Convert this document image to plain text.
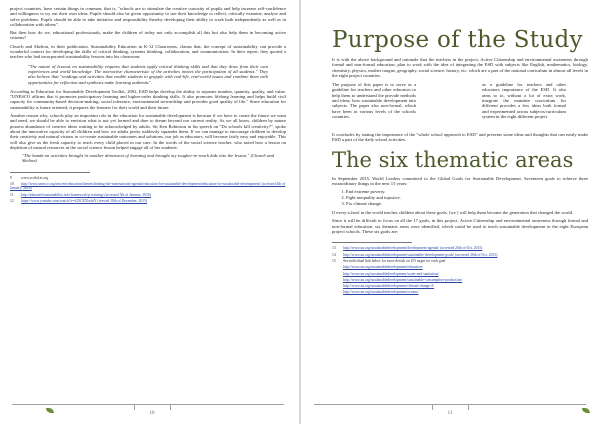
project countries, have certain things in common, that is, "schools are to stimulate the creative curiosity of pupils and help increase self-confidence and willingness to try out their own ideas. Pupils should also be given opportunity to use their knowledge to reflect, critically examine, analyse and solve problems. Pupils should be able to take initiative and responsibility thereby developing their ability to work both independently as well as in collaboration with others".

But then how do we, educational professionals, make the children of today not only accomplish all this but also help them in becoming active citizens?

Church and Skelton, in their publication, Sustainability Education in K-12 Classrooms, claims that, the concept of sustainability can provide a wonderful context for developing the skills of critical thinking, systems thinking, collaboration, and communication. In their report, they quoted a teacher who had incorporated sustainability lessons into his classroom:

"The nature of lessons on sustainability requires that students apply critical thinking skills and that they draw from their own experiences and world knowledge. The interactive characteristic of the activities invites the participation of all students." They also believe that "readings and activities that enable students to grapple with real-life, real-world issues and combine them with opportunities for reflection and synthesis make learning authentic".

According to Education for Sustainable Development Toolkit, 2002, ESD helps develop the ability to separate number, quantity, quality, and value. "UNESCO affirms that it promotes participatory learning and higher-order thinking skills. It also promotes lifelong learning and helps build civil capacity for community-based decision-making, social tolerance, environmental stewardship and provides good quality of life." Since education for sustainability is future oriented, it prepares the learners for their world and their future.

Another reason why, schools play an important role in the education for sustainable development is because if we have to create the future we want and need, we should be able to envision what is not yet formed and dare to dream beyond our current reality. As we all know, children by nature possess abundance of creative ideas waiting to be acknowledged by adults. Sir Ken Robinson in his speech on "Do schools kill creativity?", spoke about the innovative capacity of all children and how we adults pretty ruthlessly squander them. If we can manage to encourage children to develop their creativity and natural visions to co-create sustainable outcomes and solutions, our job as educators, will become fairly easy and enjoyable. This will also give us the fresh capacity to reach every child placed in our care. In the words of the social science teacher, who noted how a lesson on depletion of natural resources in the social science lesson helped engage all of her students:

"The hands-on activities brought in another dimension of learning and brought my tougher-to-reach kids into the lesson." (Church and Skelton)

9 www.scribd.at.org
10 http://www.unesco.org/new/en/education/themes/leading-the-international-agenda/education-for-sustainable-development/education-for-sustainable-development/ (accessed 4th of January, 2016)
11 http://eduaute/fsustainability.info/framework/p-training/ (accessed 5th of January, 2016)
12 https://www.youtube.com/watch?v=iG9CE55wbtY (viewed 10th of December, 2015)
Purpose of the Study

It is with the above background and rationale that the teachers in the project, Active Citizenship and environmental awareness through formal and non-formal education, plan to work with the idea of integrating the ESD with subjects like English, mathematics, biology, chemistry, physics, mother tongue, geography, social science, history, etc. which are a part of the national curriculum in almost all levels in the eight project countries.

The purpose of this paper is to serve as a guideline for teachers and other educators to help them to understand the provide methods and ideas, how sustainable development into subjects. The paper also non-formal, which have been in various levels of the schools countries.

as a guideline for teachers and other educators importance of the ESD. It also aims to to, without a lot of extra work, integrate the mandate curriculum for different provides a few ideas both formal and experimented across subjects/curriculum system in the eight different project

It concludes by stating the importance of the "whole school approach to ESD" and presents some ideas and thoughts that can easily make ESD a part of the daily school activities.

The six thematic areas

In September 2015, World Leaders committed to the Global Goals for Sustainable Development. Seventeen goals to achieve three extraordinary things in the next 15 years:

1. End extreme poverty.
2. Fight inequality and injustice.
3. Fix climate change.

If every school in the world teaches children about these goals, [we ] will help them become the generation that changed the world.

Since it will be difficult to focus on all the 17 goals, in this project, Active Citizenship and environmental awareness through formal and non-formal education, six thematic areas were identified, which could be used to teach sustainable development in the eight European project schools. These six goals are:

13 http://www.un.org/sustainabledevelopment/development-agenda/ (accessed 26th of Oct, 2015)
14 http://www.un.org/sustainabledevelopment/sustainable-development-goals/ (accessed 26th of Oct, 2015)
15 See individual link below for more details on UN target for each goal
http://www.un.org/sustainabledevelopment/education/
http://www.un.org/sustainabledevelopment/water-and-sanitation/
http://www.un.org/sustainabledevelopment/sustainable-consumption-production/
http://www.un.org/sustainabledevelopment/climate-change-2/
http://www.un.org/sustainabledevelopment/oceans/
10	11
